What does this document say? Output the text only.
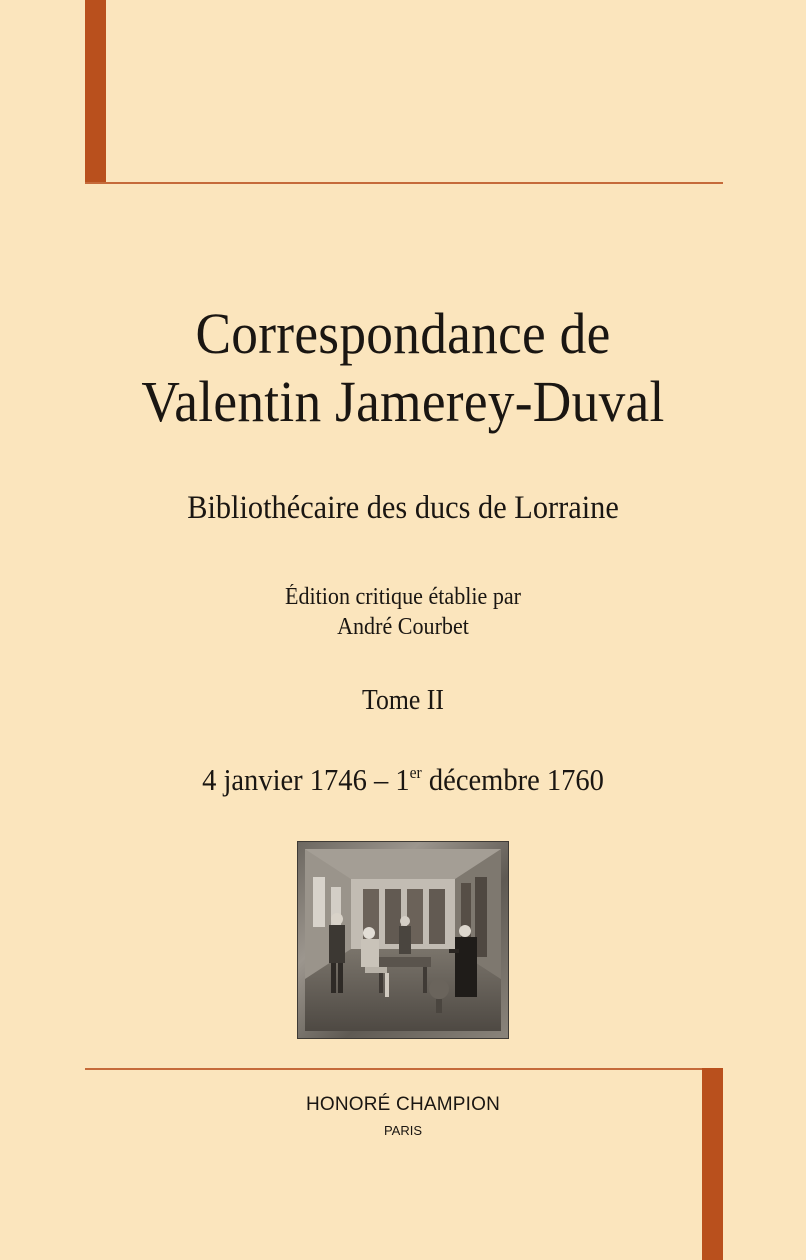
Correspondance de
Valentin Jamerey-Duval
Bibliothécaire des ducs de Lorraine
Édition critique établie par
André Courbet
Tome II
4 janvier 1746 – 1er décembre 1760
HONORÉ CHAMPION
PARIS
